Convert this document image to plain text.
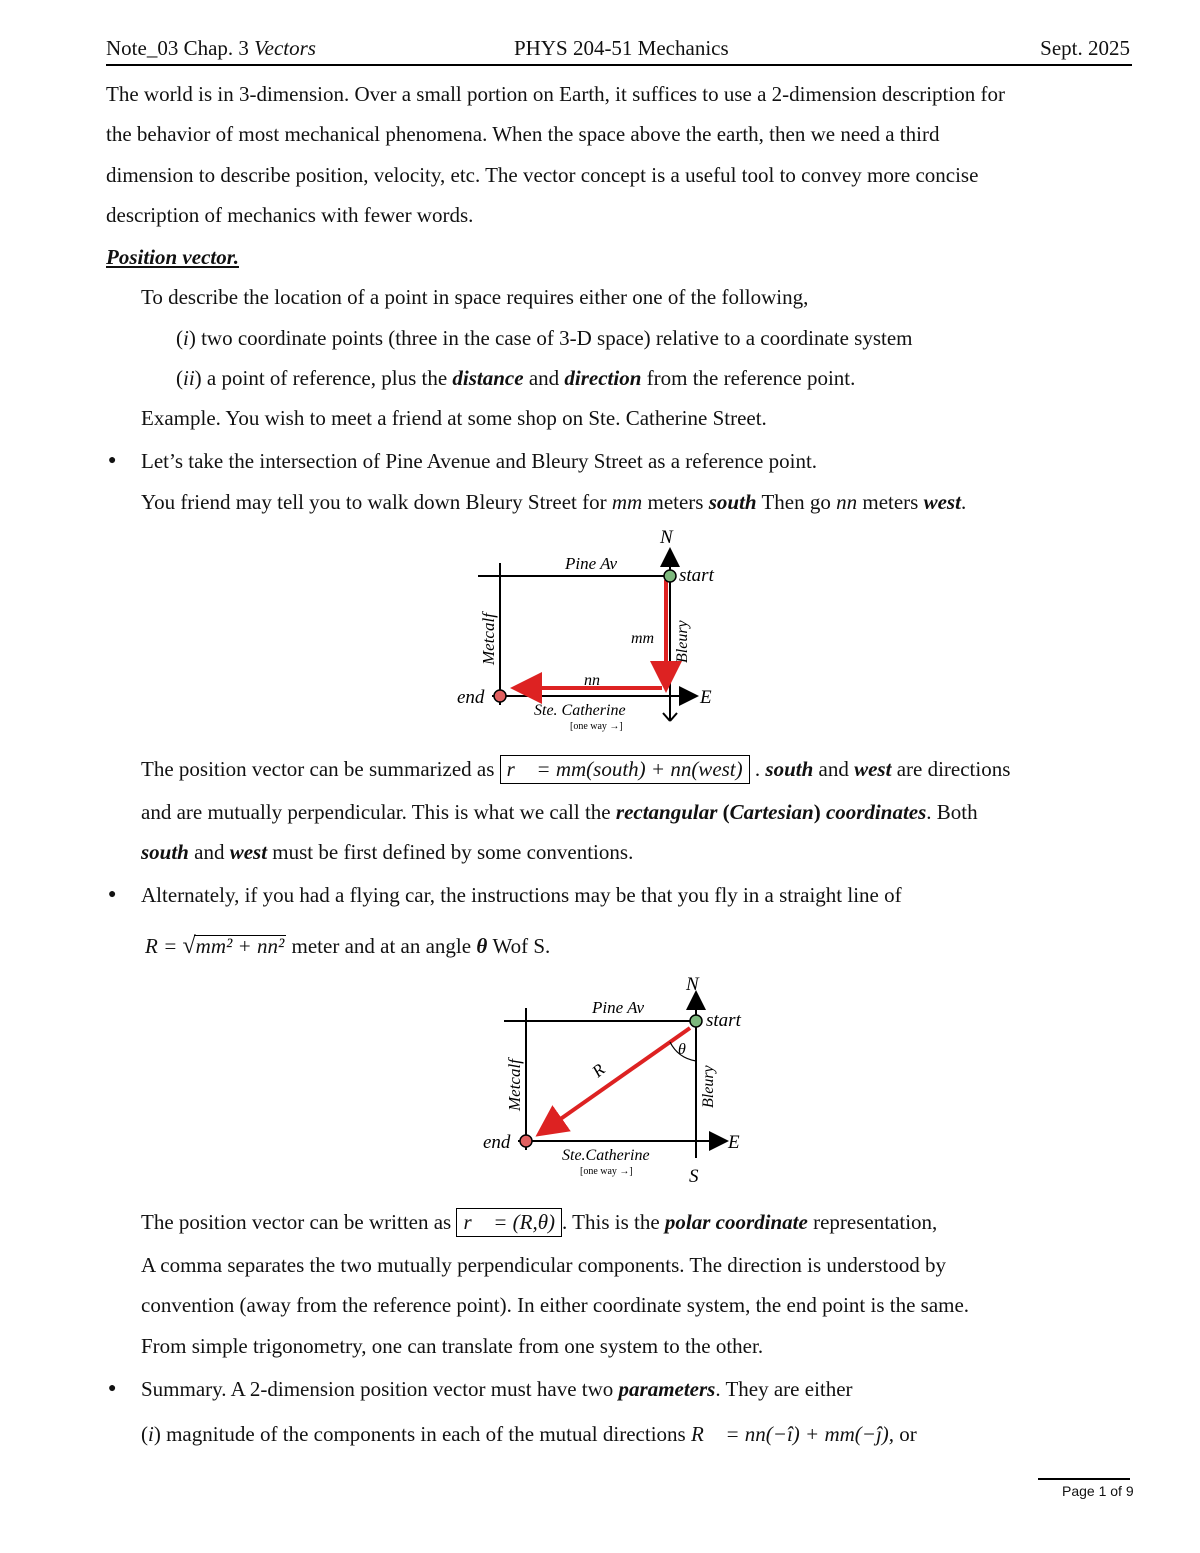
Note_03 Chap. 3 Vectors	PHYS 204-51 Mechanics	Sept. 2025
The world is in 3-dimension. Over a small portion on Earth, it suffices to use a 2-dimension description for
the behavior of most mechanical phenomena. When the space above the earth, then we need a third
dimension to describe position, velocity, etc. The vector concept is a useful tool to convey more concise
description of mechanics with fewer words.
Position vector.
To describe the location of a point in space requires either one of the following,
(i) two coordinate points (three in the case of 3-D space) relative to a coordinate system
(ii) a point of reference, plus the distance and direction from the reference point.
Example. You wish to meet a friend at some shop on Ste. Catherine Street.
● Let’s take the intersection of Pine Avenue and Bleury Street as a reference point.
You friend may tell you to walk down Bleury Street for mm meters south Then go nn meters west.
N
start
Pine Av
mm
nn
E
end
Ste. Catherine
[one way →]
Metcalf	Bleury
The position vector can be summarized as r⃗ = mm(south) + nn(west) . south and west are directions
and are mutually perpendicular. This is what we call the rectangular (Cartesian) coordinates. Both
south and west must be first defined by some conventions.
● Alternately, if you had a flying car, the instructions may be that you fly in a straight line of
R = √mm² + nn² meter and at an angle θ Wof S.
N
start
Pine Av
θ
R
E
S
end
Ste.Catherine
[one way →]
Metcalf	Bleury
The position vector can be written as r⃗ = (R,θ) . This is the polar coordinate representation,
A comma separates the two mutually perpendicular components. The direction is understood by
convention (away from the reference point). In either coordinate system, the end point is the same.
From simple trigonometry, one can translate from one system to the other.
● Summary. A 2-dimension position vector must have two parameters. They are either
(i) magnitude of the components in each of the mutual directions R⃗ = nn(−î) + mm(−ĵ), or
Page 1 of 9
